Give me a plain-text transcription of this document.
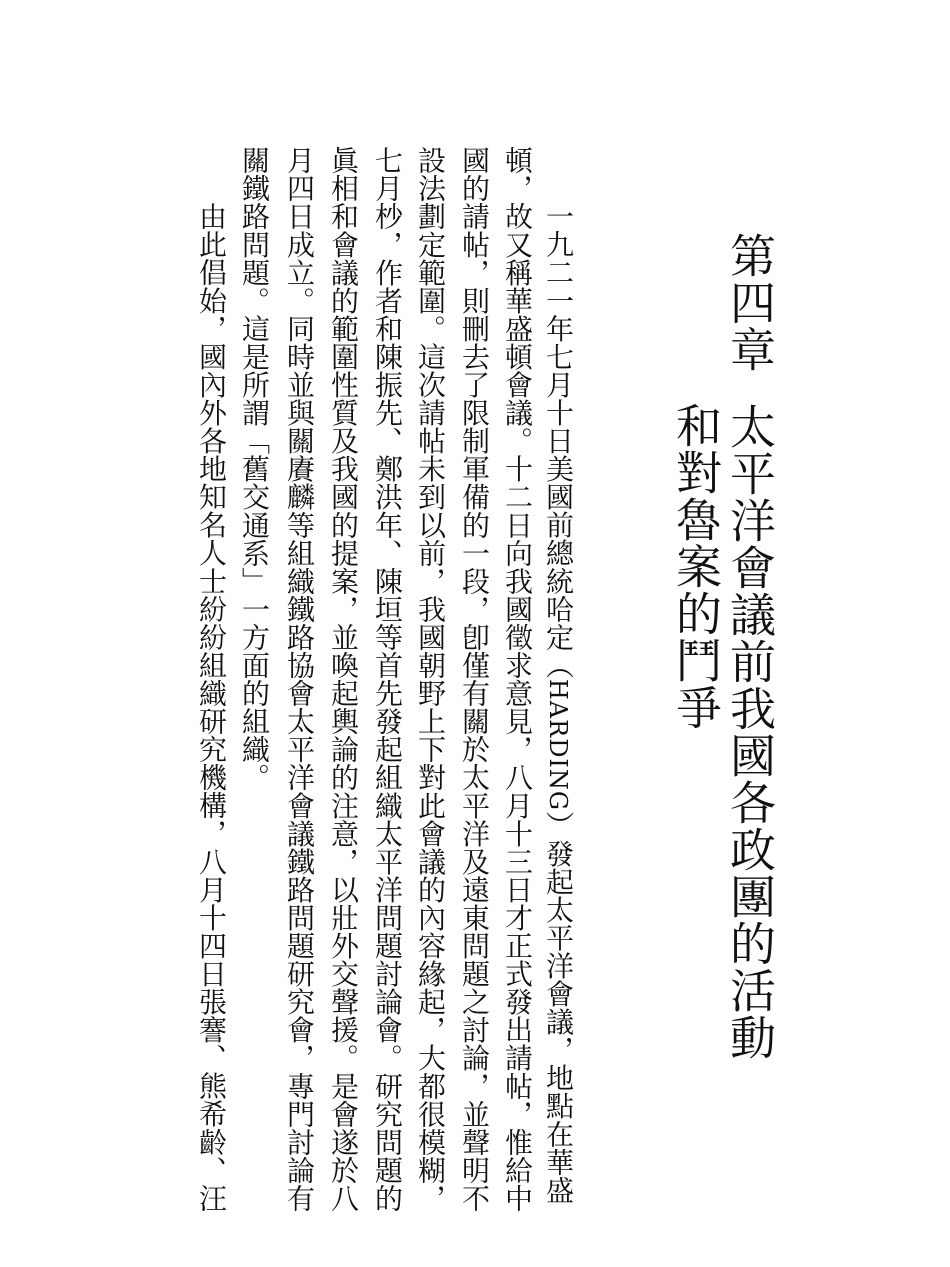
第四章太平洋會議前我國各政團的活動
和對魯案的鬥爭
一九二一年七月十日美國前總統哈定（HARDING）發起太平洋會議，地點在華盛
頓，故又稱華盛頓會議。十二日向我國徵求意見，八月十三日才正式發出請帖，惟給中
國的請帖，則刪去了限制軍備的一段，卽僅有關於太平洋及遠東問題之討論，並聲明不
設法劃定範圍。這次請帖未到以前，我國朝野上下對此會議的內容緣起，大都很模糊，
七月杪，作者和陳振先、鄭洪年、陳垣等首先發起組織太平洋問題討論會。研究問題的
眞相和會議的範圍性質及我國的提案，並喚起輿論的注意，以壯外交聲援。是會遂於八
月四日成立。同時並與關賡麟等組織鐵路協會太平洋會議鐵路問題研究會，專門討論有
關鐵路問題。這是所謂「舊交通系」一方面的組織。
由此倡始，國內外各地知名人士紛紛組織研究機構，八月十四日張謇、熊希齡、汪
